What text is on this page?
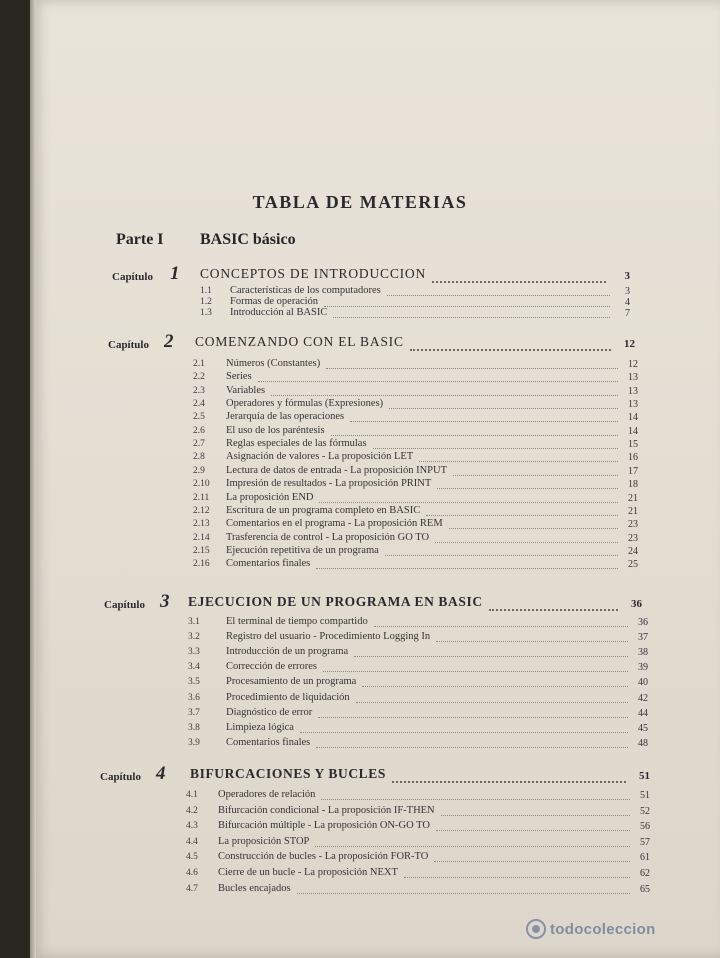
TABLA DE MATERIAS
Parte I BASIC básico
Capítulo 1 CONCEPTOS DE INTRODUCCION	3
1.1 Características de los computadores	3
1.2 Formas de operación	4
1.3 Introducción al BASIC	7
Capítulo 2 COMENZANDO CON EL BASIC	12
2.1 Números (Constantes)	12
2.2 Series	13
2.3 Variables	13
2.4 Operadores y fórmulas (Expresiones)	13
2.5 Jerarquía de las operaciones	14
2.6 El uso de los paréntesis	14
2.7 Reglas especiales de las fórmulas	15
2.8 Asignación de valores - La proposición LET	16
2.9 Lectura de datos de entrada - La proposición INPUT	17
2.10 Impresión de resultados - La proposición PRINT	18
2.11 La proposición END	21
2.12 Escritura de un programa completo en BASIC	21
2.13 Comentarios en el programa - La proposición REM	23
2.14 Trasferencia de control - La proposición GO TO	23
2.15 Ejecución repetitiva de un programa	24
2.16 Comentarios finales	25
Capítulo 3 EJECUCION DE UN PROGRAMA EN BASIC	36
3.1 El terminal de tiempo compartido	36
3.2 Registro del usuario - Procedimiento Logging In	37
3.3 Introducción de un programa	38
3.4 Corrección de errores	39
3.5 Procesamiento de un programa	40
3.6 Procedimiento de liquidación	42
3.7 Diagnóstico de error	44
3.8 Limpieza lógica	45
3.9 Comentarios finales	48
Capítulo 4 BIFURCACIONES Y BUCLES	51
4.1 Operadores de relación	51
4.2 Bifurcación condicional - La proposición IF-THEN	52
4.3 Bifurcación múltiple - La proposición ON-GO TO	56
4.4 La proposición STOP	57
4.5 Construcción de bucles - La proposición FOR-TO	61
4.6 Cierre de un bucle - La proposición NEXT	62
4.7 Bucles encajados	65
todocoleccion
